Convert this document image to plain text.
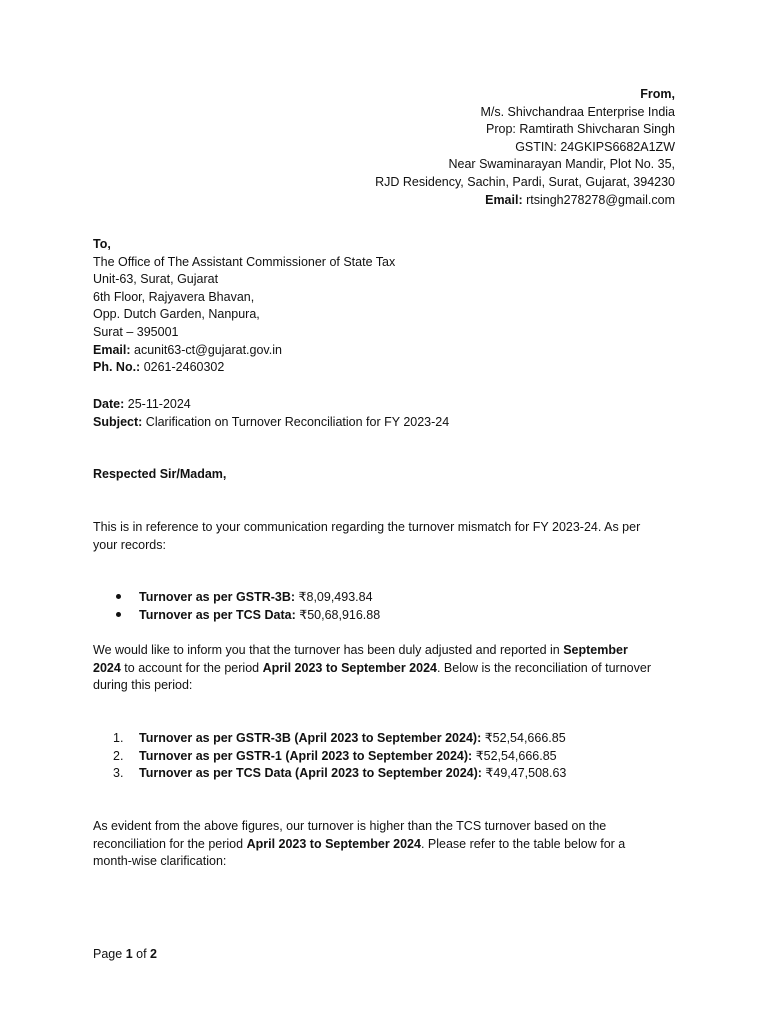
From,
M/s. Shivchandraa Enterprise India
Prop: Ramtirath Shivcharan Singh
GSTIN: 24GKIPS6682A1ZW
Near Swaminarayan Mandir, Plot No. 35,
RJD Residency, Sachin, Pardi, Surat, Gujarat, 394230
Email: rtsingh278278@gmail.com
To,
The Office of The Assistant Commissioner of State Tax
Unit-63, Surat, Gujarat
6th Floor, Rajyavera Bhavan,
Opp. Dutch Garden, Nanpura,
Surat – 395001
Email: acunit63-ct@gujarat.gov.in
Ph. No.: 0261-2460302
Date: 25-11-2024
Subject: Clarification on Turnover Reconciliation for FY 2023-24
Respected Sir/Madam,
This is in reference to your communication regarding the turnover mismatch for FY 2023-24. As per
your records:
Turnover as per GSTR-3B: ₹8,09,493.84
Turnover as per TCS Data: ₹50,68,916.88
We would like to inform you that the turnover has been duly adjusted and reported in September
2024 to account for the period April 2023 to September 2024. Below is the reconciliation of turnover
during this period:
1.	Turnover as per GSTR-3B (April 2023 to September 2024): ₹52,54,666.85
2.	Turnover as per GSTR-1 (April 2023 to September 2024): ₹52,54,666.85
3.	Turnover as per TCS Data (April 2023 to September 2024): ₹49,47,508.63
As evident from the above figures, our turnover is higher than the TCS turnover based on the
reconciliation for the period April 2023 to September 2024. Please refer to the table below for a
month-wise clarification:
Page 1 of 2
